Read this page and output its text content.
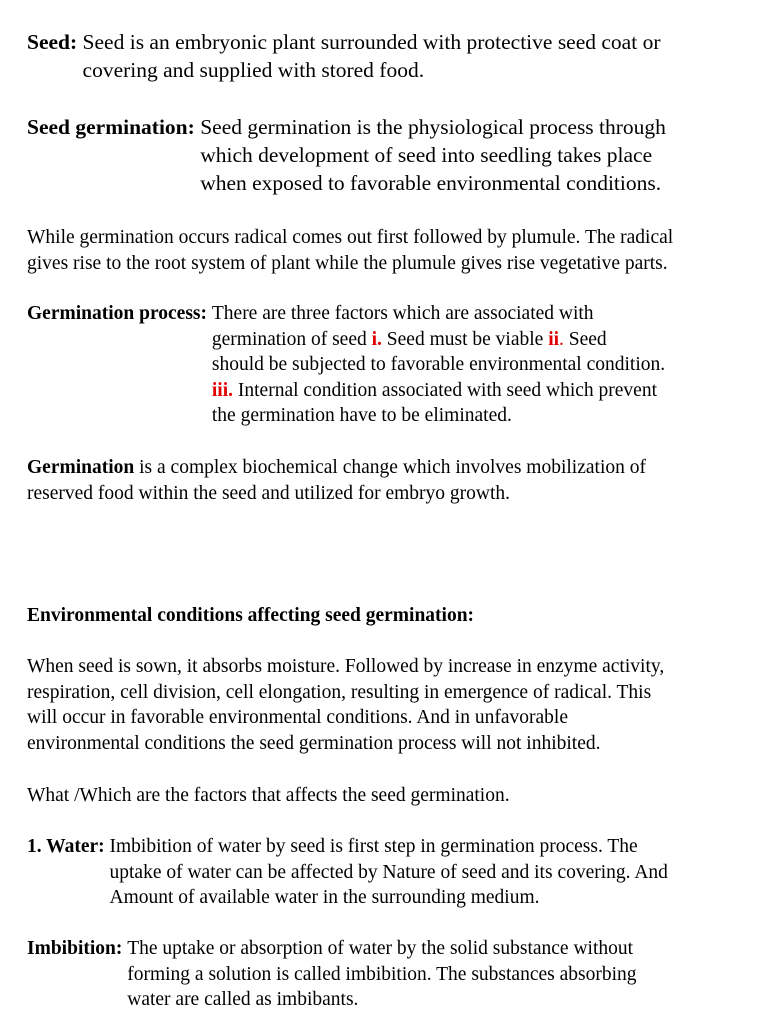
Seed:
Seed is an embryonic plant surrounded with protective seed coat or
covering and supplied with stored food.
Seed germination:
Seed germination is the physiological process through
which development of seed into seedling takes place
when exposed to favorable environmental conditions.
While germination occurs radical comes out first followed by plumule. The radical
gives rise to the root system of plant while the plumule gives rise vegetative parts.
Germination process:
There are three factors which are associated with
germination of seed i. Seed must be viable ii. Seed
should be subjected to favorable environmental condition.
iii. Internal condition associated with seed which prevent
the germination have to be eliminated.
Germination is a complex biochemical change which involves mobilization of
reserved food within the seed and utilized for embryo growth.
Environmental conditions affecting seed germination:
When seed is sown, it absorbs moisture. Followed by increase in enzyme activity,
respiration, cell division, cell elongation, resulting in emergence of radical. This
will occur in favorable environmental conditions. And in unfavorable
environmental conditions the seed germination process will not inhibited.
What /Which are the factors that affects the seed germination.
1. Water:
Imbibition of water by seed is first step in germination process. The
uptake of water can be affected by Nature of seed and its covering. And
Amount of available water in the surrounding medium.
Imbibition:
The uptake or absorption of water by the solid substance without
forming a solution is called imbibition. The substances absorbing
water are called as imbibants.
